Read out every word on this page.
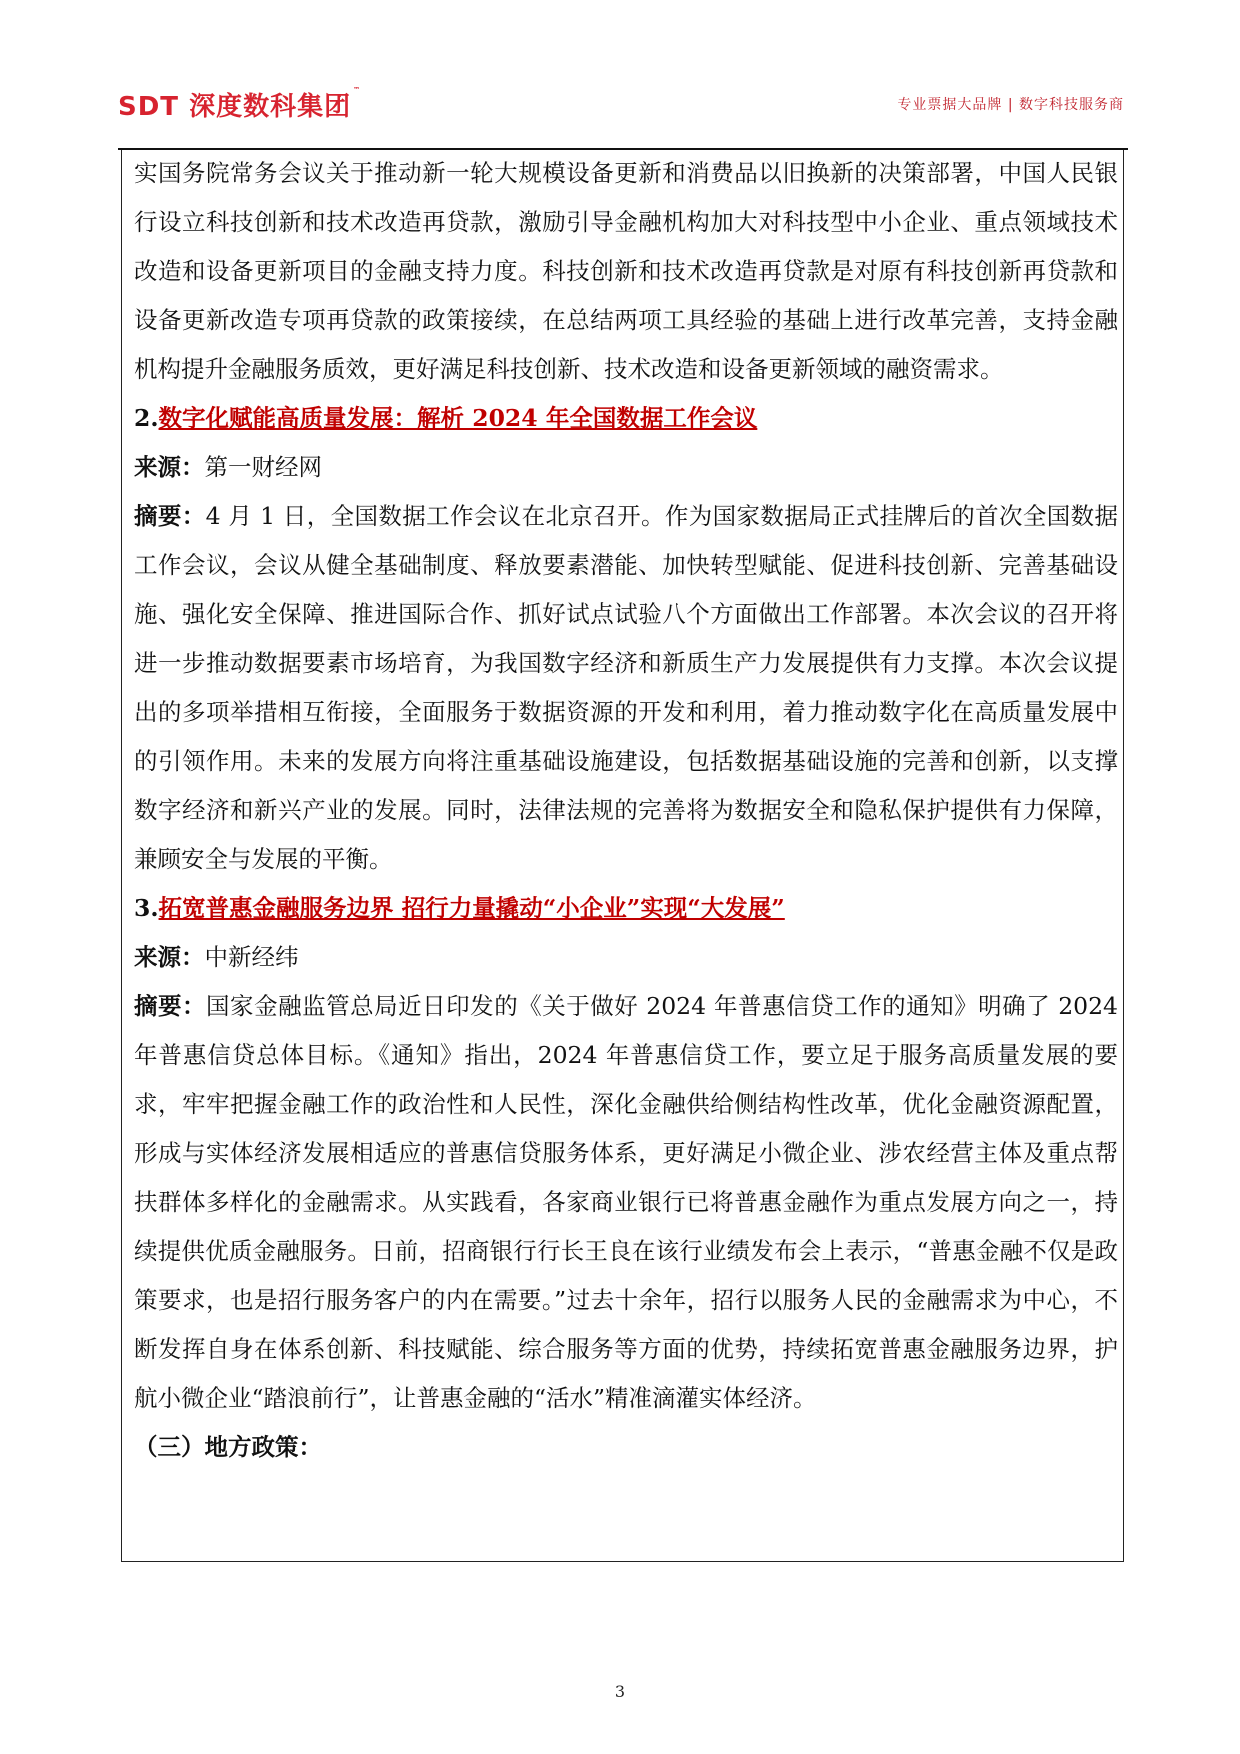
SDT 深度数科集团™
专业票据大品牌 | 数字科技服务商

实国务院常务会议关于推动新一轮大规模设备更新和消费品以旧换新的决策部署，中国人民银行设立科技创新和技术改造再贷款，激励引导金融机构加大对科技型中小企业、重点领域技术改造和设备更新项目的金融支持力度。科技创新和技术改造再贷款是对原有科技创新再贷款和设备更新改造专项再贷款的政策接续，在总结两项工具经验的基础上进行改革完善，支持金融机构提升金融服务质效，更好满足科技创新、技术改造和设备更新领域的融资需求。

2.数字化赋能高质量发展：解析 2024 年全国数据工作会议

来源：第一财经网

摘要：4 月 1 日，全国数据工作会议在北京召开。作为国家数据局正式挂牌后的首次全国数据工作会议，会议从健全基础制度、释放要素潜能、加快转型赋能、促进科技创新、完善基础设施、强化安全保障、推进国际合作、抓好试点试验八个方面做出工作部署。本次会议的召开将进一步推动数据要素市场培育，为我国数字经济和新质生产力发展提供有力支撑。本次会议提出的多项举措相互衔接，全面服务于数据资源的开发和利用，着力推动数字化在高质量发展中的引领作用。未来的发展方向将注重基础设施建设，包括数据基础设施的完善和创新，以支撑数字经济和新兴产业的发展。同时，法律法规的完善将为数据安全和隐私保护提供有力保障，兼顾安全与发展的平衡。

3.拓宽普惠金融服务边界 招行力量撬动“小企业”实现“大发展”

来源：中新经纬

摘要：国家金融监管总局近日印发的《关于做好 2024 年普惠信贷工作的通知》明确了 2024 年普惠信贷总体目标。《通知》指出，2024 年普惠信贷工作，要立足于服务高质量发展的要求，牢牢把握金融工作的政治性和人民性，深化金融供给侧结构性改革，优化金融资源配置，形成与实体经济发展相适应的普惠信贷服务体系，更好满足小微企业、涉农经营主体及重点帮扶群体多样化的金融需求。从实践看，各家商业银行已将普惠金融作为重点发展方向之一，持续提供优质金融服务。日前，招商银行行长王良在该行业绩发布会上表示，“普惠金融不仅是政策要求，也是招行服务客户的内在需要。”过去十余年，招行以服务人民的金融需求为中心，不断发挥自身在体系创新、科技赋能、综合服务等方面的优势，持续拓宽普惠金融服务边界，护航小微企业“踏浪前行”，让普惠金融的“活水”精准滴灌实体经济。

（三）地方政策：

3
